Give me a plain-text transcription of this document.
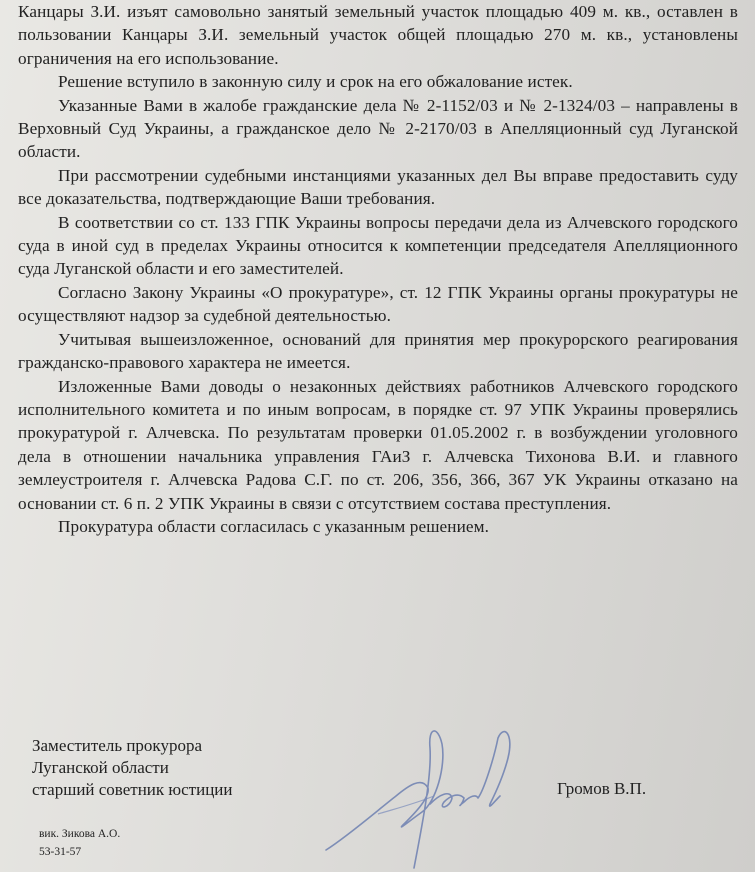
Канцары З.И. изъят самовольно занятый земельный участок площадью 409 м. кв., оставлен в пользовании Канцары З.И. земельный участок общей площадью 270 м. кв., установлены ограничения на его использование.

Решение вступило в законную силу и срок на его обжалование истек.

Указанные Вами в жалобе гражданские дела № 2-1152/03 и № 2-1324/03 – направлены в Верховный Суд Украины, а гражданское дело № 2-2170/03 в Апелляционный суд Луганской области.

При рассмотрении судебными инстанциями указанных дел Вы вправе предоставить суду все доказательства, подтверждающие Ваши требования.

В соответствии со ст. 133 ГПК Украины вопросы передачи дела из Алчевского городского суда в иной суд в пределах Украины относится к компетенции председателя Апелляционного суда Луганской области и его заместителей.

Согласно Закону Украины «О прокуратуре», ст. 12 ГПК Украины органы прокуратуры не осуществляют надзор за судебной деятельностью.

Учитывая вышеизложенное, оснований для принятия мер прокурорского реагирования гражданско-правового характера не имеется.

Изложенные Вами доводы о незаконных действиях работников Алчевского городского исполнительного комитета и по иным вопросам, в порядке ст. 97 УПК Украины проверялись прокуратурой г. Алчевска. По результатам проверки 01.05.2002 г. в возбуждении уголовного дела в отношении начальника управления ГАиЗ г. Алчевска Тихонова В.И. и главного землеустроителя г. Алчевска Радова С.Г. по ст. 206, 356, 366, 367 УК Украины отказано на основании ст. 6 п. 2 УПК Украины в связи с отсутствием состава преступления.

Прокуратура области согласилась с указанным решением.

Заместитель прокурора
Луганской области
старший советник юстиции	Громов В.П.
вик. Зикова А.О.
53-31-57
